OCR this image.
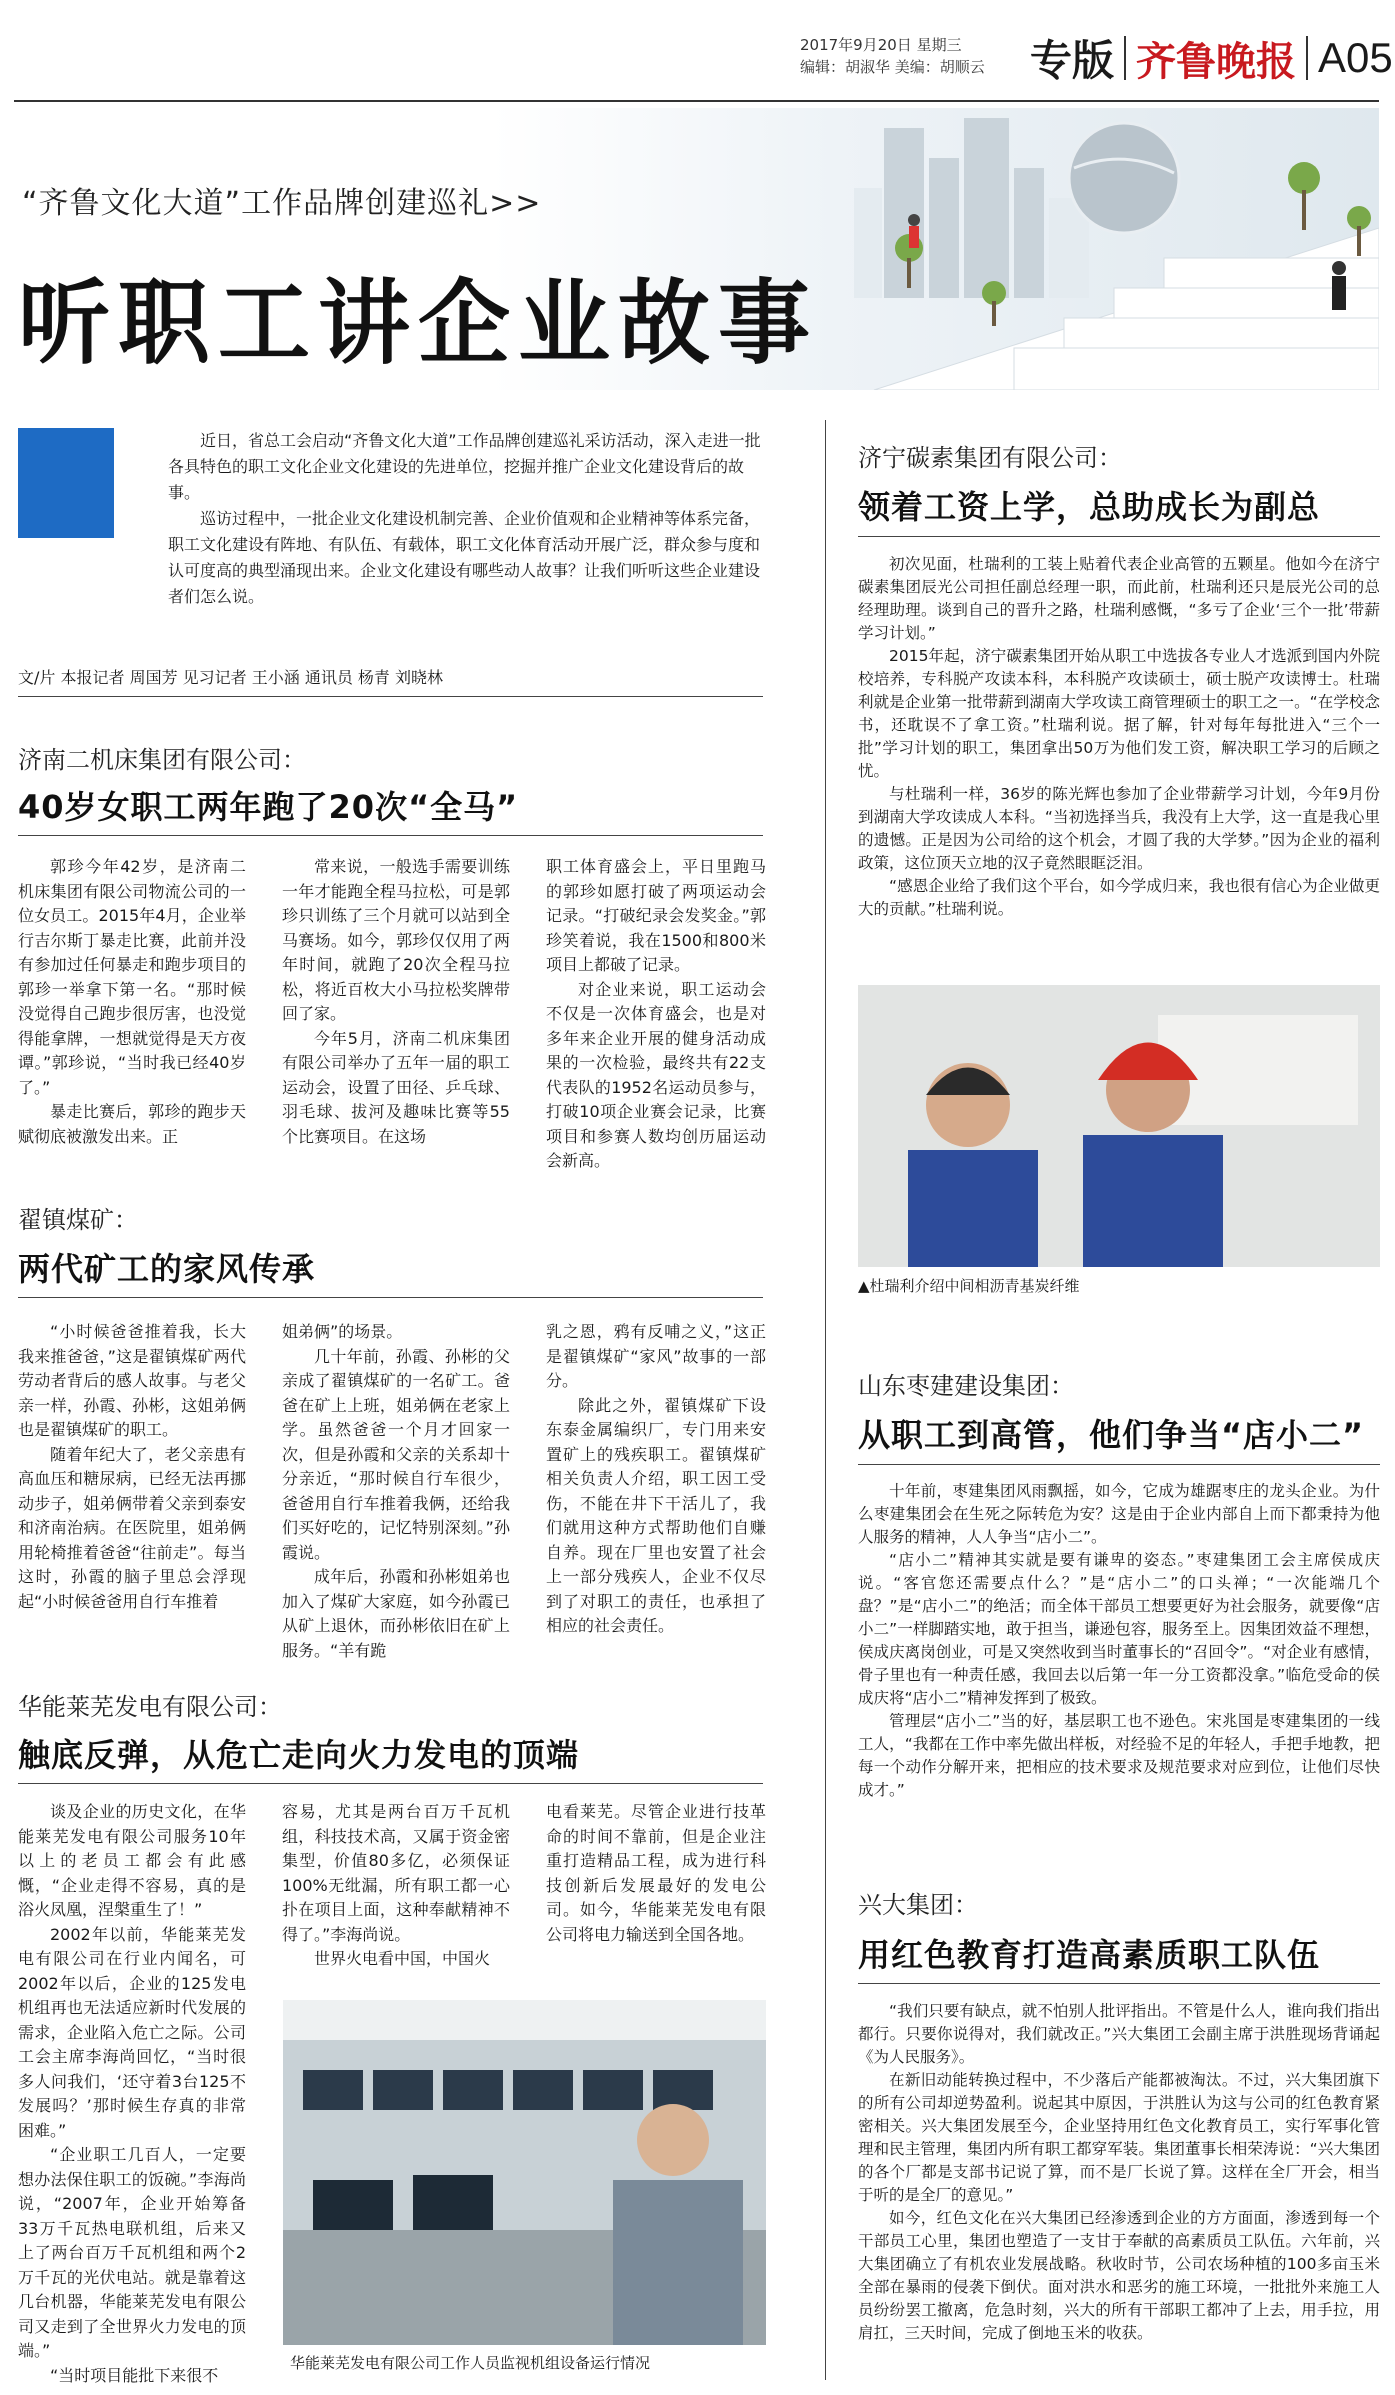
2017年9月20日 星期三
编辑：胡淑华 美编：胡顺云 专版 齐鲁晚报 A05
“齐鲁文化大道”工作品牌创建巡礼>>
听职工讲企业故事

近日，省总工会启动“齐鲁文化大道”工作品牌创建巡礼采访活动，深入走进一批各具特色的职工文化企业文化建设的先进单位，挖掘并推广企业文化建设背后的故事。

巡访过程中，一批企业文化建设机制完善、企业价值观和企业精神等体系完备，职工文化建设有阵地、有队伍、有载体，职工文化体育活动开展广泛，群众参与度和认可度高的典型涌现出来。企业文化建设有哪些动人故事？让我们听听这些企业建设者们怎么说。

文/片 本报记者 周国芳 见习记者 王小涵 通讯员 杨青 刘晓林
济南二机床集团有限公司：
40岁女职工两年跑了20次“全马”

郭珍今年42岁，是济南二机床集团有限公司物流公司的一位女员工。2015年4月，企业举行吉尔斯丁暴走比赛，此前并没有参加过任何暴走和跑步项目的郭珍一举拿下第一名。“那时候没觉得自己跑步很厉害，也没觉得能拿牌，一想就觉得是天方夜谭。”郭珍说，“当时我已经40岁了。”

暴走比赛后，郭珍的跑步天赋彻底被激发出来。正

常来说，一般选手需要训练一年才能跑全程马拉松，可是郭珍只训练了三个月就可以站到全马赛场。如今，郭珍仅仅用了两年时间，就跑了20次全程马拉松，将近百枚大小马拉松奖牌带回了家。

今年5月，济南二机床集团有限公司举办了五年一届的职工运动会，设置了田径、乒乓球、羽毛球、拔河及趣味比赛等55个比赛项目。在这场

职工体育盛会上，平日里跑马的郭珍如愿打破了两项运动会记录。“打破纪录会发奖金。”郭珍笑着说，我在1500和800米项目上都破了记录。

对企业来说，职工运动会不仅是一次体育盛会，也是对多年来企业开展的健身活动成果的一次检验，最终共有22支代表队的1952名运动员参与，打破10项企业赛会记录，比赛项目和参赛人数均创历届运动会新高。

翟镇煤矿：
两代矿工的家风传承

“小时候爸爸推着我，长大我来推爸爸，”这是翟镇煤矿两代劳动者背后的感人故事。与老父亲一样，孙霞、孙彬，这姐弟俩也是翟镇煤矿的职工。

随着年纪大了，老父亲患有高血压和糖尿病，已经无法再挪动步子，姐弟俩带着父亲到泰安和济南治病。在医院里，姐弟俩用轮椅推着爸爸“往前走”。每当这时，孙霞的脑子里总会浮现起“小时候爸爸用自行车推着

姐弟俩”的场景。

几十年前，孙霞、孙彬的父亲成了翟镇煤矿的一名矿工。爸爸在矿上上班，姐弟俩在老家上学。虽然爸爸一个月才回家一次，但是孙霞和父亲的关系却十分亲近，“那时候自行车很少，爸爸用自行车推着我俩，还给我们买好吃的，记忆特别深刻。”孙霞说。

成年后，孙霞和孙彬姐弟也加入了煤矿大家庭，如今孙霞已从矿上退休，而孙彬依旧在矿上服务。“羊有跪

乳之恩，鸦有反哺之义，”这正是翟镇煤矿“家风”故事的一部分。

除此之外，翟镇煤矿下设东泰金属编织厂，专门用来安置矿上的残疾职工。翟镇煤矿相关负责人介绍，职工因工受伤，不能在井下干活儿了，我们就用这种方式帮助他们自赚自养。现在厂里也安置了社会上一部分残疾人，企业不仅尽到了对职工的责任，也承担了相应的社会责任。

华能莱芜发电有限公司：
触底反弹，从危亡走向火力发电的顶端

谈及企业的历史文化，在华能莱芜发电有限公司服务10年以上的老员工都会有此感慨，“企业走得不容易，真的是浴火凤凰，涅槃重生了！”

2002年以前，华能莱芜发电有限公司在行业内闻名，可2002年以后，企业的125发电机组再也无法适应新时代发展的需求，企业陷入危亡之际。公司工会主席李海尚回忆，“当时很多人问我们，‘还守着3台125不发展吗？’那时候生存真的非常困难。”

“企业职工几百人，一定要想办法保住职工的饭碗。”李海尚说，“2007年，企业开始筹备33万千瓦热电联机组，后来又上了两台百万千瓦机组和两个2万千瓦的光伏电站。就是靠着这几台机器，华能莱芜发电有限公司又走到了全世界火力发电的顶端。”

“当时项目能批下来很不

容易，尤其是两台百万千瓦机组，科技技术高，又属于资金密集型，价值80多亿，必须保证100%无纰漏，所有职工都一心扑在项目上面，这种奉献精神不得了。”李海尚说。

世界火电看中国，中国火

电看莱芜。尽管企业进行技革命的时间不靠前，但是企业注重打造精品工程，成为进行科技创新后发展最好的发电公司。如今，华能莱芜发电有限公司将电力输送到全国各地。

华能莱芜发电有限公司工作人员监视机组设备运行情况
济宁碳素集团有限公司：
领着工资上学，总助成长为副总

初次见面，杜瑞利的工装上贴着代表企业高管的五颗星。他如今在济宁碳素集团辰光公司担任副总经理一职，而此前，杜瑞利还只是辰光公司的总经理助理。谈到自己的晋升之路，杜瑞利感慨，“多亏了企业‘三个一批’带薪学习计划。”

2015年起，济宁碳素集团开始从职工中选拔各专业人才选派到国内外院校培养，专科脱产攻读本科，本科脱产攻读硕士，硕士脱产攻读博士。杜瑞利就是企业第一批带薪到湖南大学攻读工商管理硕士的职工之一。“在学校念书，还耽误不了拿工资。”杜瑞利说。据了解，针对每年每批进入“三个一批”学习计划的职工，集团拿出50万为他们发工资，解决职工学习的后顾之忧。

与杜瑞利一样，36岁的陈光辉也参加了企业带薪学习计划，今年9月份到湖南大学攻读成人本科。“当初选择当兵，我没有上大学，这一直是我心里的遗憾。正是因为公司给的这个机会，才圆了我的大学梦。”因为企业的福利政策，这位顶天立地的汉子竟然眼眶泛泪。

“感恩企业给了我们这个平台，如今学成归来，我也很有信心为企业做更大的贡献。”杜瑞利说。

▲杜瑞利介绍中间相沥青基炭纤维
山东枣建建设集团：
从职工到高管，他们争当“店小二”

十年前，枣建集团风雨飘摇，如今，它成为雄踞枣庄的龙头企业。为什么枣建集团会在生死之际转危为安？这是由于企业内部自上而下都秉持为他人服务的精神，人人争当“店小二”。

“店小二”精神其实就是要有谦卑的姿态。”枣建集团工会主席侯成庆说。“客官您还需要点什么？”是“店小二”的口头禅；“一次能端几个盘？”是“店小二”的绝活；而全体干部员工想要更好为社会服务，就要像“店小二”一样脚踏实地，敢于担当，谦逊包容，服务至上。因集团效益不理想，侯成庆离岗创业，可是又突然收到当时董事长的“召回令”。“对企业有感情，骨子里也有一种责任感，我回去以后第一年一分工资都没拿。”临危受命的侯成庆将“店小二”精神发挥到了极致。

管理层“店小二”当的好，基层职工也不逊色。宋兆国是枣建集团的一线工人，“我都在工作中率先做出样板，对经验不足的年轻人，手把手地教，把每一个动作分解开来，把相应的技术要求及规范要求对应到位，让他们尽快成才。”

兴大集团：
用红色教育打造高素质职工队伍

“我们只要有缺点，就不怕别人批评指出。不管是什么人，谁向我们指出都行。只要你说得对，我们就改正。”兴大集团工会副主席于洪胜现场背诵起《为人民服务》。

在新旧动能转换过程中，不少落后产能都被淘汰。不过，兴大集团旗下的所有公司却逆势盈利。说起其中原因，于洪胜认为这与公司的红色教育紧密相关。兴大集团发展至今，企业坚持用红色文化教育员工，实行军事化管理和民主管理，集团内所有职工都穿军装。集团董事长相荣涛说：“兴大集团的各个厂都是支部书记说了算，而不是厂长说了算。这样在全厂开会，相当于听的是全厂的意见。”

如今，红色文化在兴大集团已经渗透到企业的方方面面，渗透到每一个干部员工心里，集团也塑造了一支甘于奉献的高素质员工队伍。六年前，兴大集团确立了有机农业发展战略。秋收时节，公司农场种植的100多亩玉米全部在暴雨的侵袭下倒伏。面对洪水和恶劣的施工环境，一批批外来施工人员纷纷罢工撤离，危急时刻，兴大的所有干部职工都冲了上去，用手拉，用肩扛，三天时间，完成了倒地玉米的收获。
